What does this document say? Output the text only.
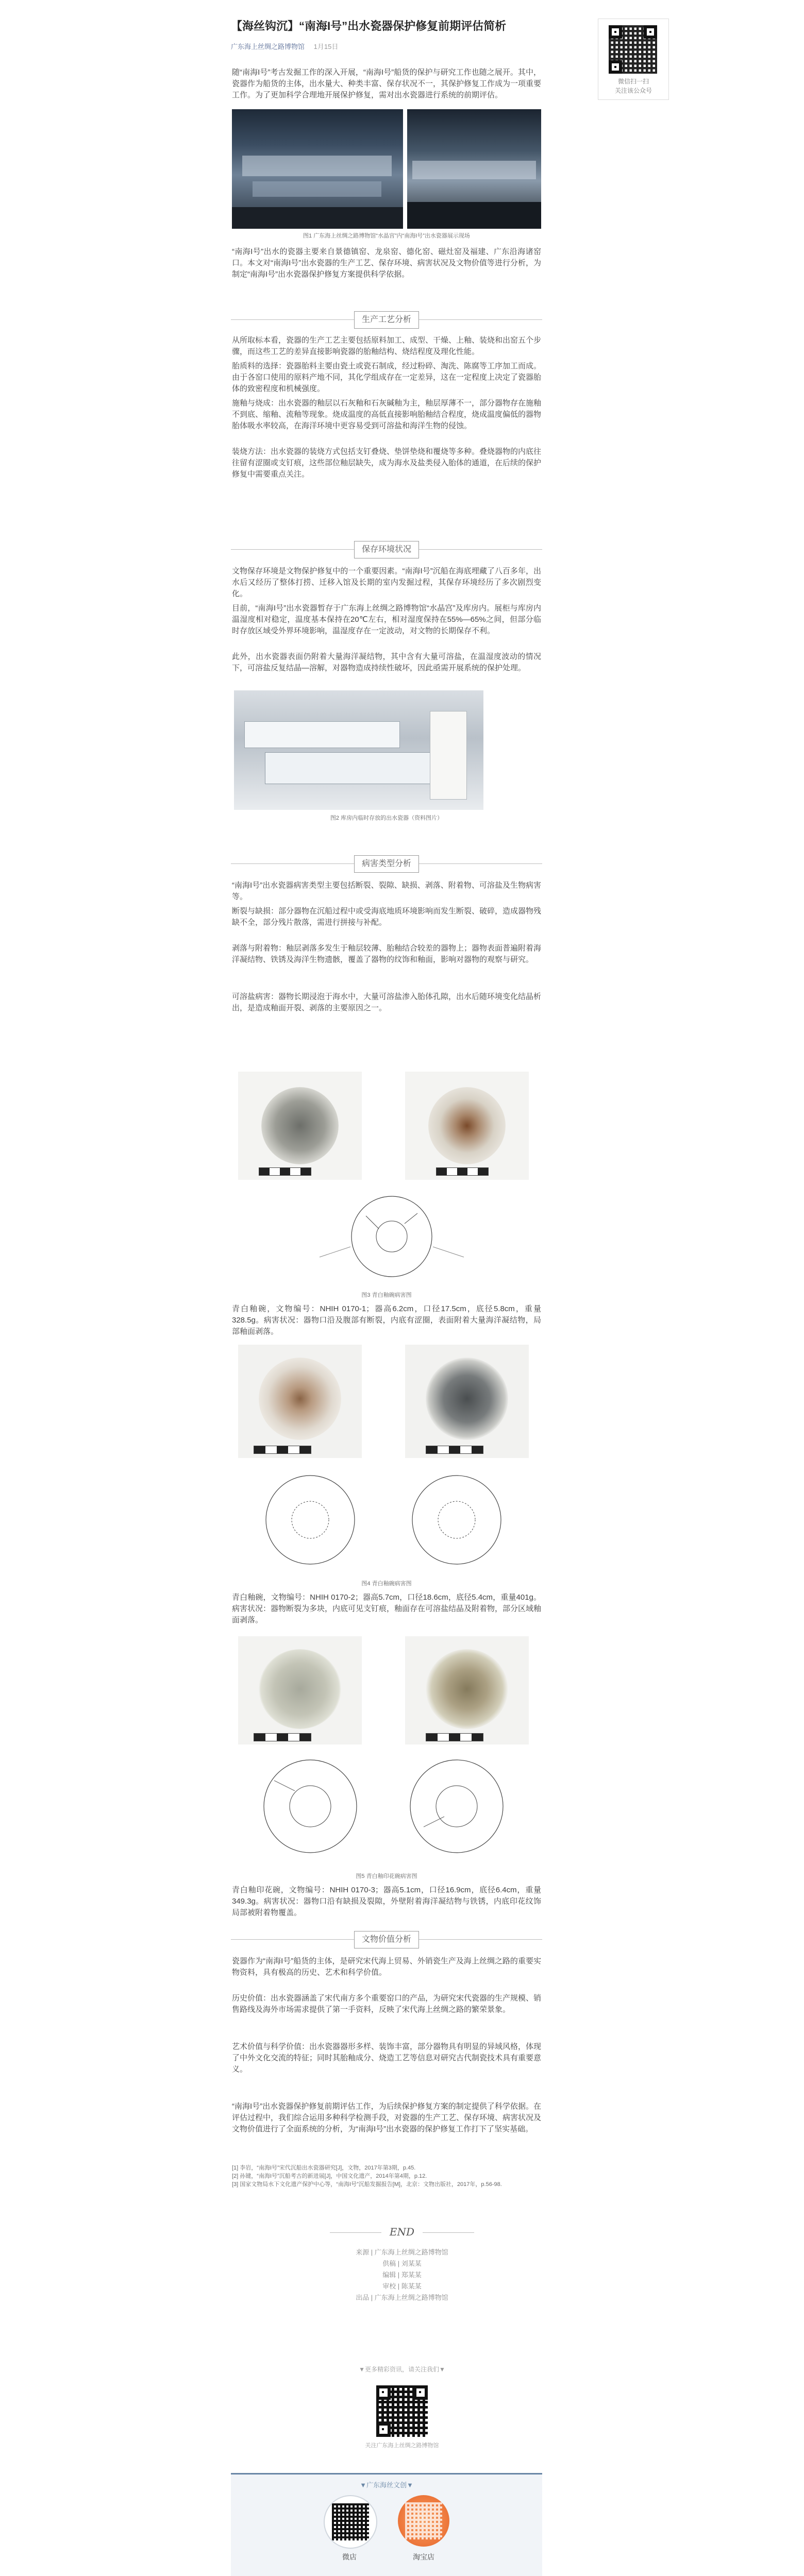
【海丝钩沉】“南海I号”出水瓷器保护修复前期评估简析
广东海上丝绸之路博物馆 1月15日
微信扫一扫
关注该公众号

随“南海I号”考古发掘工作的深入开展，“南海I号”船货的保护与研究工作也随之展开。其中，瓷器作为船货的主体，出水量大、种类丰富、保存状况不一，其保护修复工作成为一项重要工作。为了更加科学合理地开展保护修复，需对出水瓷器进行系统的前期评估。

图1 广东海上丝绸之路博物馆“水晶宫”内“南海I号”出水瓷器展示现场

“南海I号”出水的瓷器主要来自景德镇窑、龙泉窑、德化窑、磁灶窑及福建、广东沿海诸窑口。本文对“南海I号”出水瓷器的生产工艺、保存环境、病害状况及文物价值等进行分析，为制定“南海I号”出水瓷器保护修复方案提供科学依据。

生产工艺分析

从所取标本看，瓷器的生产工艺主要包括原料加工、成型、干燥、上釉、装烧和出窑五个步骤，而这些工艺的差异直接影响瓷器的胎釉结构、烧结程度及理化性能。

胎质料的选择：瓷器胎料主要由瓷土或瓷石制成，经过粉碎、淘洗、陈腐等工序加工而成。由于各窑口使用的原料产地不同，其化学组成存在一定差异，这在一定程度上决定了瓷器胎体的致密程度和机械强度。

施釉与烧成：出水瓷器的釉层以石灰釉和石灰碱釉为主，釉层厚薄不一，部分器物存在施釉不到底、缩釉、流釉等现象。烧成温度的高低直接影响胎釉结合程度，烧成温度偏低的器物胎体吸水率较高，在海洋环境中更容易受到可溶盐和海洋生物的侵蚀。

装烧方法：出水瓷器的装烧方式包括支钉叠烧、垫饼垫烧和覆烧等多种。叠烧器物的内底往往留有涩圈或支钉痕，这些部位釉层缺失，成为海水及盐类侵入胎体的通道，在后续的保护修复中需要重点关注。

保存环境状况

文物保存环境是文物保护修复中的一个重要因素。“南海I号”沉船在海底埋藏了八百多年，出水后又经历了整体打捞、迁移入馆及长期的室内发掘过程，其保存环境经历了多次剧烈变化。

目前，“南海I号”出水瓷器暂存于广东海上丝绸之路博物馆“水晶宫”及库房内。展柜与库房内温湿度相对稳定，温度基本保持在20℃左右，相对湿度保持在55%—65%之间，但部分临时存放区域受外界环境影响，温湿度存在一定波动，对文物的长期保存不利。

此外，出水瓷器表面仍附着大量海洋凝结物，其中含有大量可溶盐，在温湿度波动的情况下，可溶盐反复结晶—溶解，对器物造成持续性破坏，因此亟需开展系统的保护处理。

图2 库房内临时存放的出水瓷器（资料图片）

病害类型分析

“南海I号”出水瓷器病害类型主要包括断裂、裂隙、缺损、剥落、附着物、可溶盐及生物病害等。

断裂与缺损：部分器物在沉船过程中或受海底地质环境影响而发生断裂、破碎，造成器物残缺不全，部分残片散落，需进行拼接与补配。

剥落与附着物：釉层剥落多发生于釉层较薄、胎釉结合较差的器物上；器物表面普遍附着海洋凝结物、铁锈及海洋生物遗骸，覆盖了器物的纹饰和釉面，影响对器物的观察与研究。

可溶盐病害：器物长期浸泡于海水中，大量可溶盐渗入胎体孔隙，出水后随环境变化结晶析出，是造成釉面开裂、剥落的主要原因之一。

图3 青白釉碗病害图

青白釉碗，文物编号：NHIH 0170-1；器高6.2cm，口径17.5cm，底径5.8cm，重量328.5g。病害状况：器物口沿及腹部有断裂，内底有涩圈，表面附着大量海洋凝结物，局部釉面剥落。

图4 青白釉碗病害图

青白釉碗，文物编号：NHIH 0170-2；器高5.7cm，口径18.6cm，底径5.4cm，重量401g。病害状况：器物断裂为多块，内底可见支钉痕，釉面存在可溶盐结晶及附着物，部分区域釉面剥落。

图5 青白釉印花碗病害图

青白釉印花碗，文物编号：NHIH 0170-3；器高5.1cm，口径16.9cm，底径6.4cm，重量349.3g。病害状况：器物口沿有缺损及裂隙，外壁附着海洋凝结物与铁锈，内底印花纹饰局部被附着物覆盖。

文物价值分析

瓷器作为“南海I号”船货的主体，是研究宋代海上贸易、外销瓷生产及海上丝绸之路的重要实物资料，具有极高的历史、艺术和科学价值。

历史价值：出水瓷器涵盖了宋代南方多个重要窑口的产品，为研究宋代瓷器的生产规模、销售路线及海外市场需求提供了第一手资料，反映了宋代海上丝绸之路的繁荣景象。

艺术价值与科学价值：出水瓷器器形多样、装饰丰富，部分器物具有明显的异域风格，体现了中外文化交流的特征；同时其胎釉成分、烧造工艺等信息对研究古代制瓷技术具有重要意义。

“南海I号”出水瓷器保护修复前期评估工作，为后续保护修复方案的制定提供了科学依据。在评估过程中，我们综合运用多种科学检测手段，对瓷器的生产工艺、保存环境、病害状况及文物价值进行了全面系统的分析，为“南海I号”出水瓷器的保护修复工作打下了坚实基础。

[1] 李岩，“南海I号”宋代沉船出水瓷器研究[J]，文物，2017年第3期，p.45.
[2] 孙键，“南海I号”沉船考古的新进展[J]，中国文化遗产，2014年第4期，p.12.
[3] 国家文物局水下文化遗产保护中心等，“南海I号”沉船发掘报告[M]，北京：文物出版社，2017年，p.56-98.
END
来源 | 广东海上丝绸之路博物馆
供稿 | 刘某某
编辑 | 郑某某
审校 | 陈某某
出品 | 广东海上丝绸之路博物馆
▼更多精彩资讯，请关注我们▼
关注广东海上丝绸之路博物馆
▼广东海丝文创▼
微店	淘宝店
